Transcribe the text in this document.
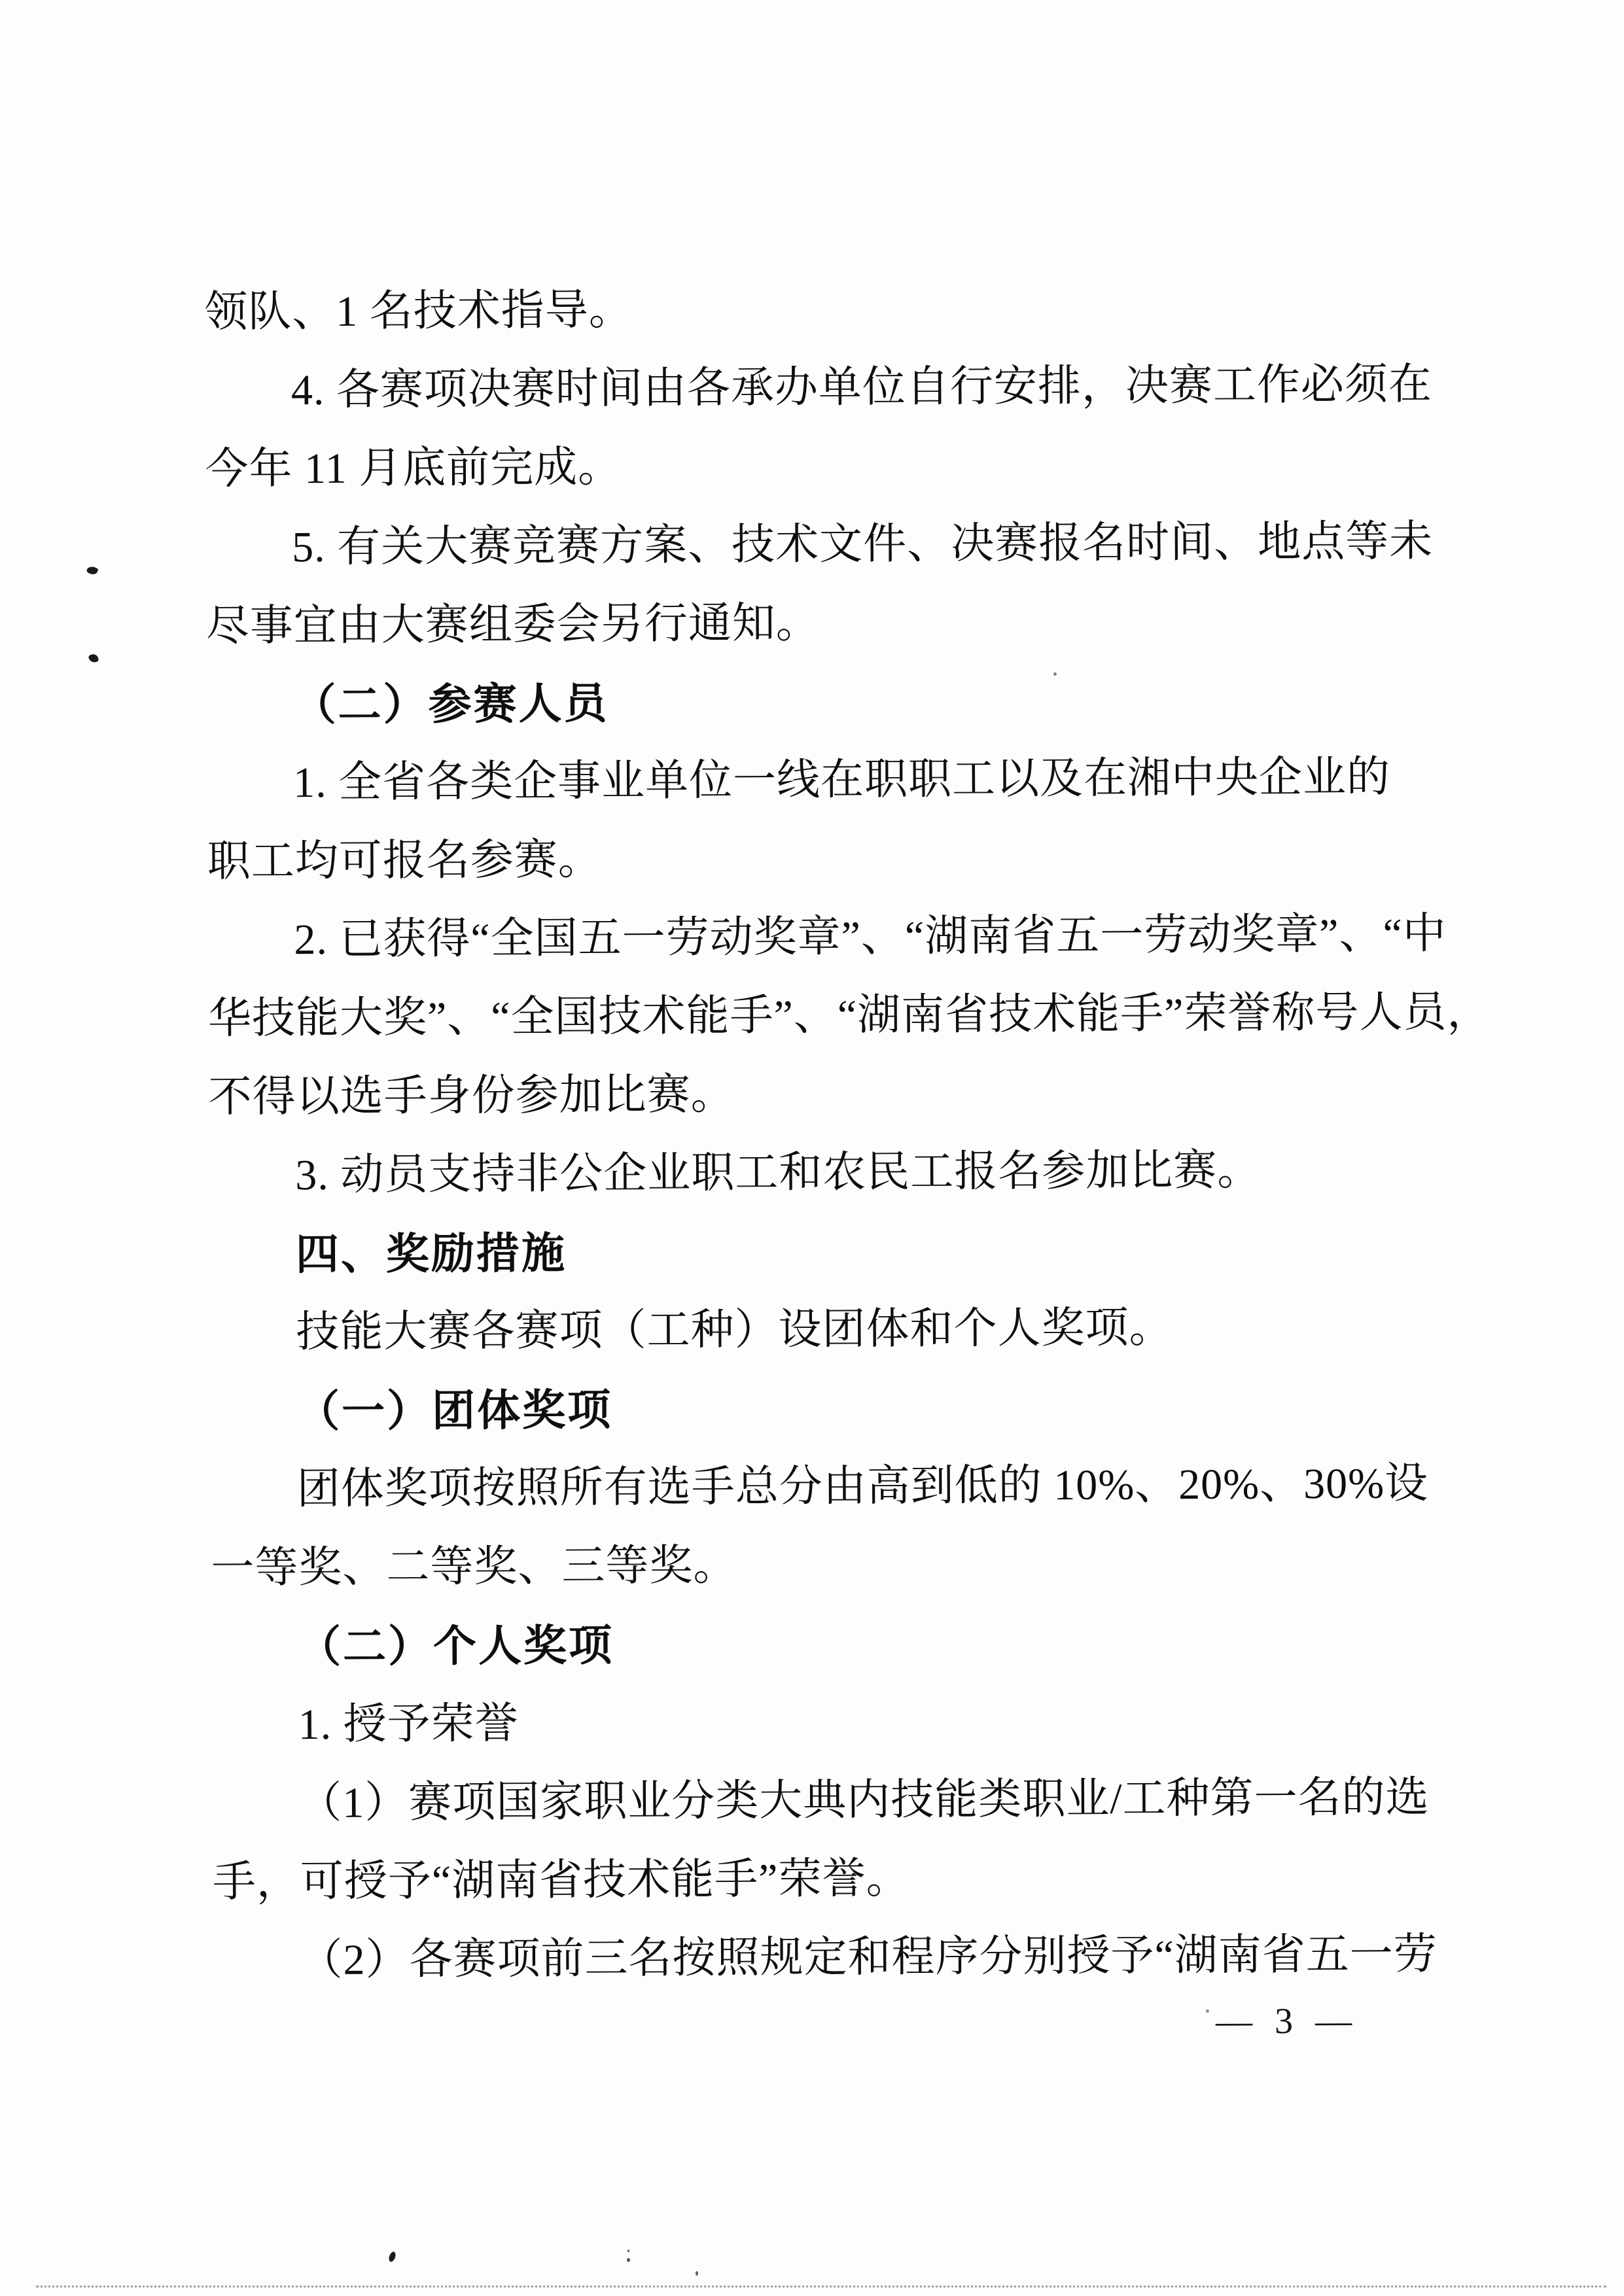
领队、1 名技术指导。
4. 各赛项决赛时间由各承办单位自行安排，决赛工作必须在
今年 11 月底前完成。
5. 有关大赛竞赛方案、技术文件、决赛报名时间、地点等未
尽事宜由大赛组委会另行通知。
（二）参赛人员
1. 全省各类企事业单位一线在职职工以及在湘中央企业的
职工均可报名参赛。
2. 已获得“全国五一劳动奖章”、“湖南省五一劳动奖章”、“中
华技能大奖”、“全国技术能手”、“湖南省技术能手”荣誉称号人员，
不得以选手身份参加比赛。
3. 动员支持非公企业职工和农民工报名参加比赛。
四、奖励措施
技能大赛各赛项（工种）设团体和个人奖项。
（一）团体奖项
团体奖项按照所有选手总分由高到低的 10%、20%、30%设
一等奖、二等奖、三等奖。
（二）个人奖项
1. 授予荣誉
（1）赛项国家职业分类大典内技能类职业/工种第一名的选
手，可授予“湖南省技术能手”荣誉。
（2）各赛项前三名按照规定和程序分别授予“湖南省五一劳
— 3 —
